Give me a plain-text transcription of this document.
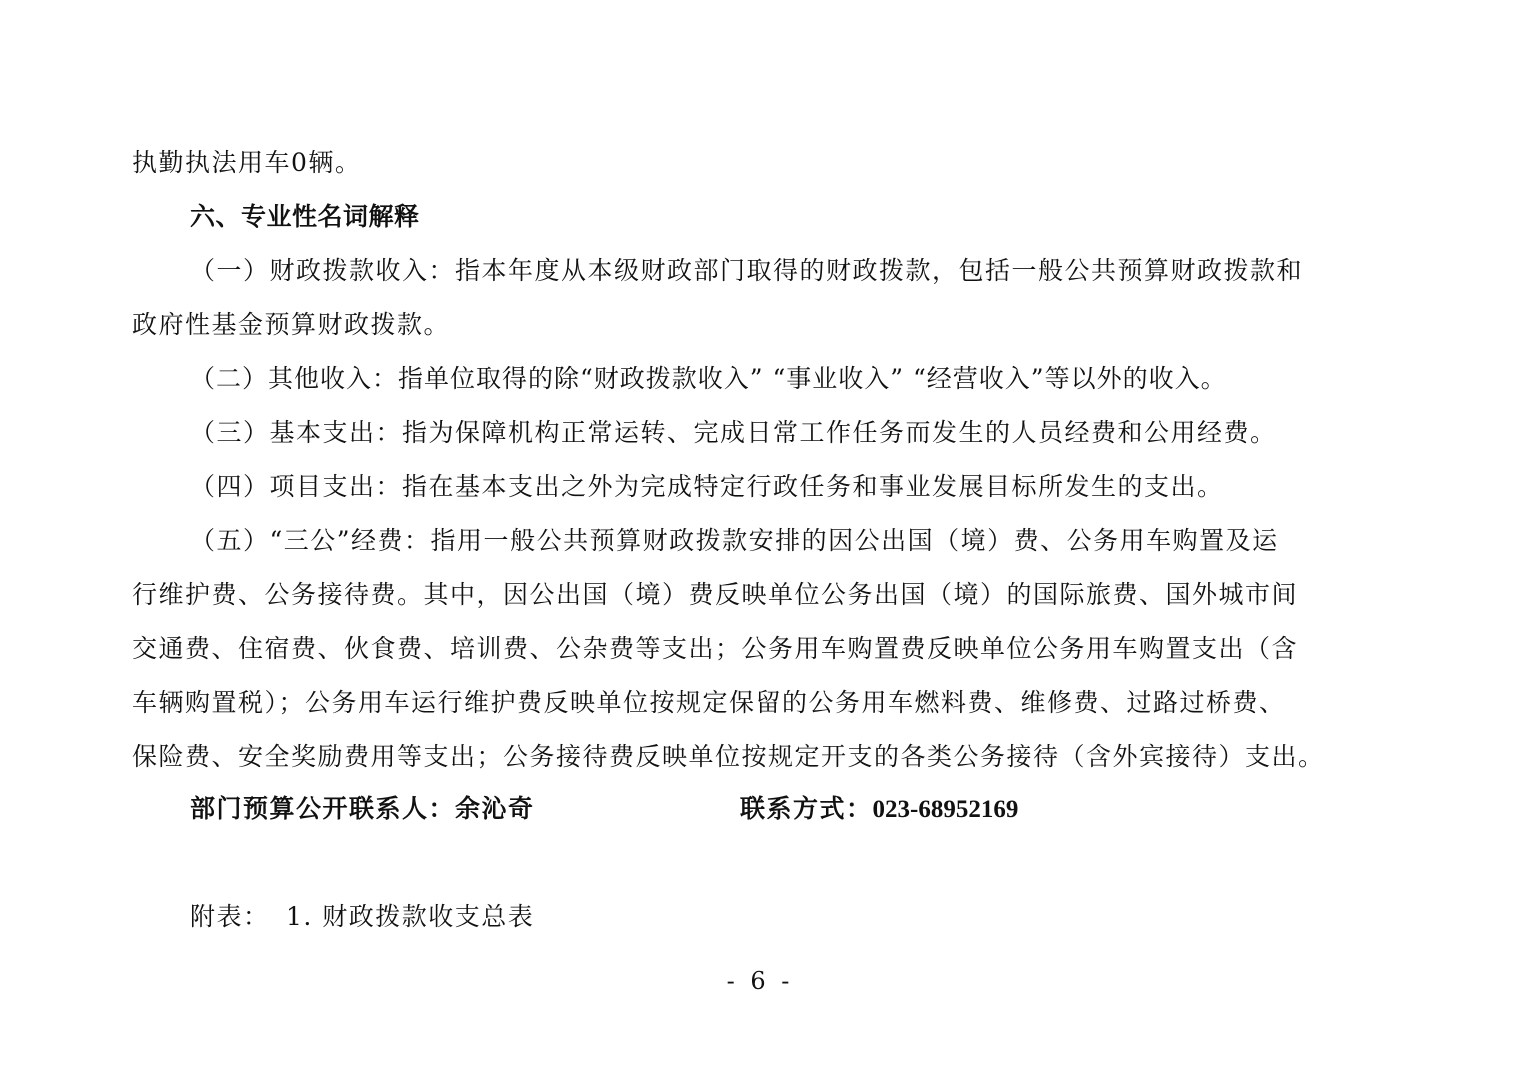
执勤执法用车0辆。
六、专业性名词解释
（一）财政拨款收入：指本年度从本级财政部门取得的财政拨款，包括一般公共预算财政拨款和
政府性基金预算财政拨款。
（二）其他收入：指单位取得的除“财政拨款收入” “事业收入” “经营收入”等以外的收入。
（三）基本支出：指为保障机构正常运转、完成日常工作任务而发生的人员经费和公用经费。
（四）项目支出：指在基本支出之外为完成特定行政任务和事业发展目标所发生的支出。
（五）“三公”经费：指用一般公共预算财政拨款安排的因公出国（境）费、公务用车购置及运
行维护费、公务接待费。其中，因公出国（境）费反映单位公务出国（境）的国际旅费、国外城市间
交通费、住宿费、伙食费、培训费、公杂费等支出；公务用车购置费反映单位公务用车购置支出（含
车辆购置税）；公务用车运行维护费反映单位按规定保留的公务用车燃料费、维修费、过路过桥费、
保险费、安全奖励费用等支出；公务接待费反映单位按规定开支的各类公务接待（含外宾接待）支出。
部门预算公开联系人：余沁奇	联系方式：023-68952169
附表： 1. 财政拨款收支总表
- 6 -
